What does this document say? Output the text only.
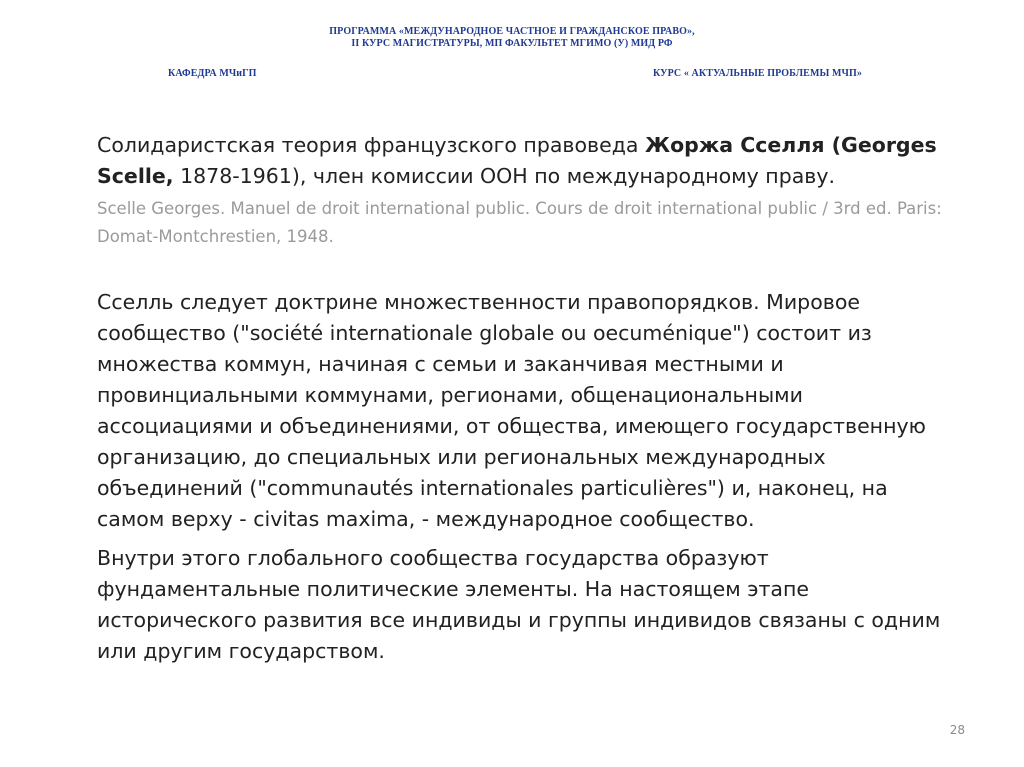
ПРОГРАММА «МЕЖДУНАРОДНОЕ ЧАСТНОЕ И ГРАЖДАНСКОЕ ПРАВО»,
II КУРС МАГИСТРАТУРЫ, МП ФАКУЛЬТЕТ МГИМО (У) МИД РФ
КАФЕДРА МЧиГП	КУРС « АКТУАЛЬНЫЕ ПРОБЛЕМЫ МЧП»

Солидаристская теория французского правоведа Жоржа Сселля (Georges Scelle, 1878-1961), член комиссии ООН по международному праву.

Scelle Georges. Manuel de droit international public. Cours de droit international public / 3rd ed. Paris: Domat-Montchrestien, 1948.

Сселль следует доктрине множественности правопорядков. Мировое сообщество ("société internationale globale ou oecuménique") состоит из множества коммун, начиная с семьи и заканчивая местными и провинциальными коммунами, регионами, общенациональными ассоциациями и объединениями, от общества, имеющего государственную организацию, до специальных или региональных международных объединений ("communautés internationales particulières") и, наконец, на самом верху - civitas maxima, - международное сообщество.

Внутри этого глобального сообщества государства образуют фундаментальные политические элементы. На настоящем этапе исторического развития все индивиды и группы индивидов связаны с одним или другим государством.

28
